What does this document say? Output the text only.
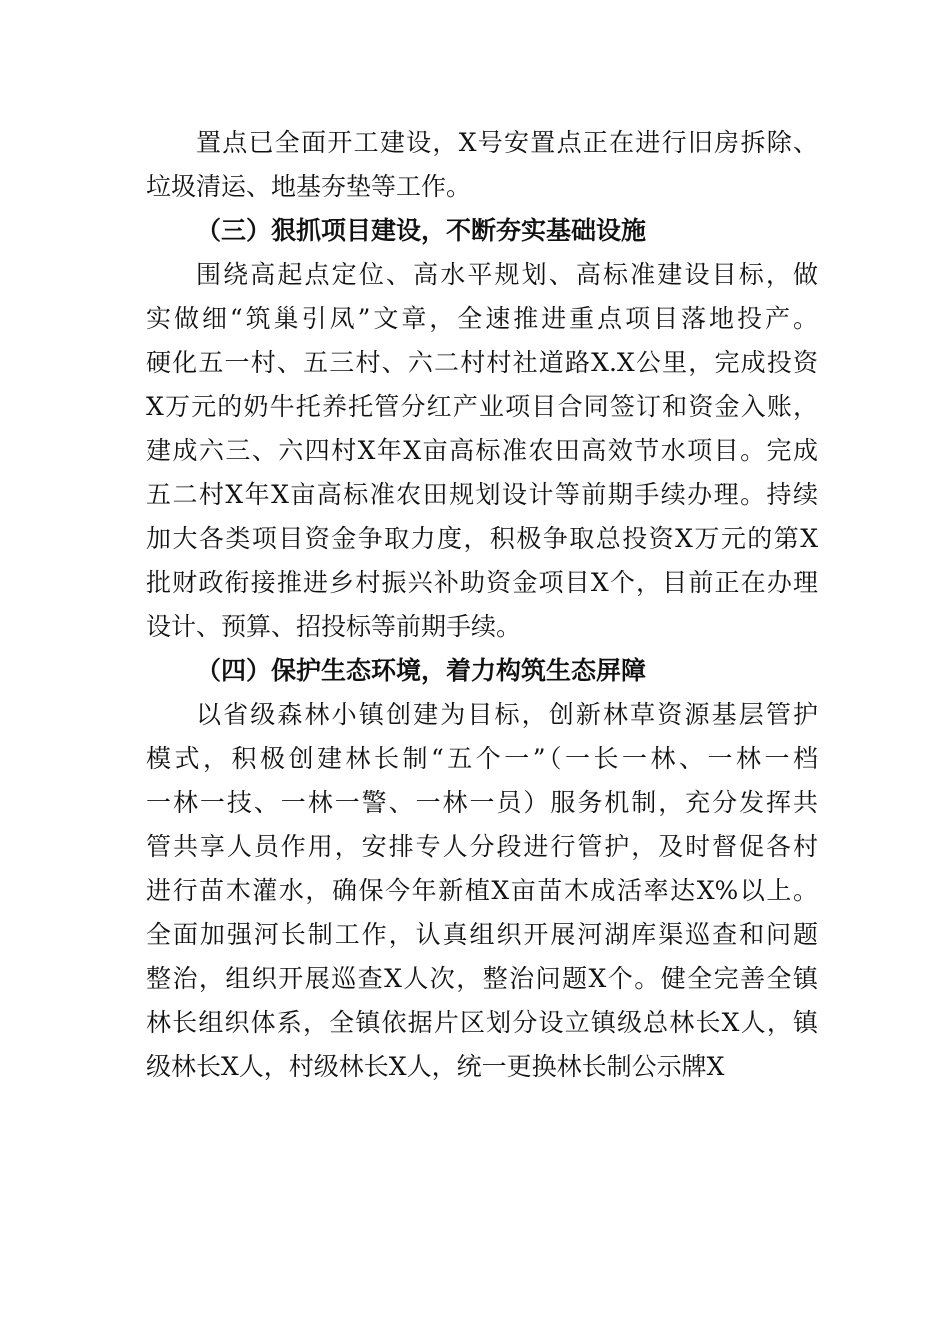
置点已全面开工建设，X号安置点正在进行旧房拆除、
垃圾清运、地基夯垫等工作。
（三）狠抓项目建设，不断夯实基础设施
围绕高起点定位、高水平规划、高标准建设目标，做
实做细“筑巢引凤”文章，全速推进重点项目落地投产。
硬化五一村、五三村、六二村村社道路X.X公里，完成投资
X万元的奶牛托养托管分红产业项目合同签订和资金入账，
建成六三、六四村X年X亩高标准农田高效节水项目。完成
五二村X年X亩高标准农田规划设计等前期手续办理。持续
加大各类项目资金争取力度，积极争取总投资X万元的第X
批财政衔接推进乡村振兴补助资金项目X个，目前正在办理
设计、预算、招投标等前期手续。
（四）保护生态环境，着力构筑生态屏障
以省级森林小镇创建为目标，创新林草资源基层管护
模式，积极创建林长制“五个一”（一长一林、一林一档
一林一技、一林一警、一林一员）服务机制，充分发挥共
管共享人员作用，安排专人分段进行管护，及时督促各村
进行苗木灌水，确保今年新植X亩苗木成活率达X%以上。
全面加强河长制工作，认真组织开展河湖库渠巡查和问题
整治，组织开展巡查X人次，整治问题X个。健全完善全镇
林长组织体系，全镇依据片区划分设立镇级总林长X人，镇
级林长X人，村级林长X人，统一更换林长制公示牌X
